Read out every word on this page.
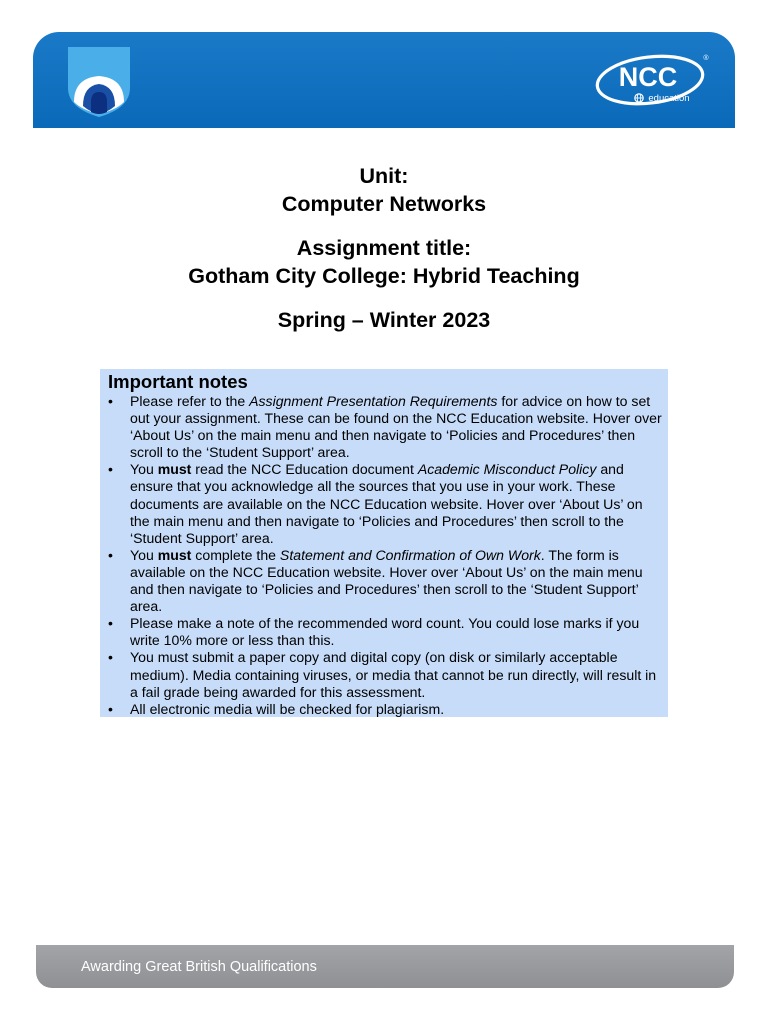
NCC
education
®
Unit:
Computer Networks
Assignment title:
Gotham City College: Hybrid Teaching
Spring – Winter 2023
Important notes
• Please refer to the Assignment Presentation Requirements for advice on how to set out your assignment. These can be found on the NCC Education website. Hover over ‘About Us’ on the main menu and then navigate to ‘Policies and Procedures’ then scroll to the ‘Student Support’ area.
• You must read the NCC Education document Academic Misconduct Policy and ensure that you acknowledge all the sources that you use in your work. These documents are available on the NCC Education website. Hover over ‘About Us’ on the main menu and then navigate to ‘Policies and Procedures’ then scroll to the ‘Student Support’ area.
• You must complete the Statement and Confirmation of Own Work. The form is available on the NCC Education website. Hover over ‘About Us’ on the main menu and then navigate to ‘Policies and Procedures’ then scroll to the ‘Student Support’ area.
• Please make a note of the recommended word count. You could lose marks if you write 10% more or less than this.
• You must submit a paper copy and digital copy (on disk or similarly acceptable medium). Media containing viruses, or media that cannot be run directly, will result in a fail grade being awarded for this assessment.
• All electronic media will be checked for plagiarism.
Awarding Great British Qualifications
